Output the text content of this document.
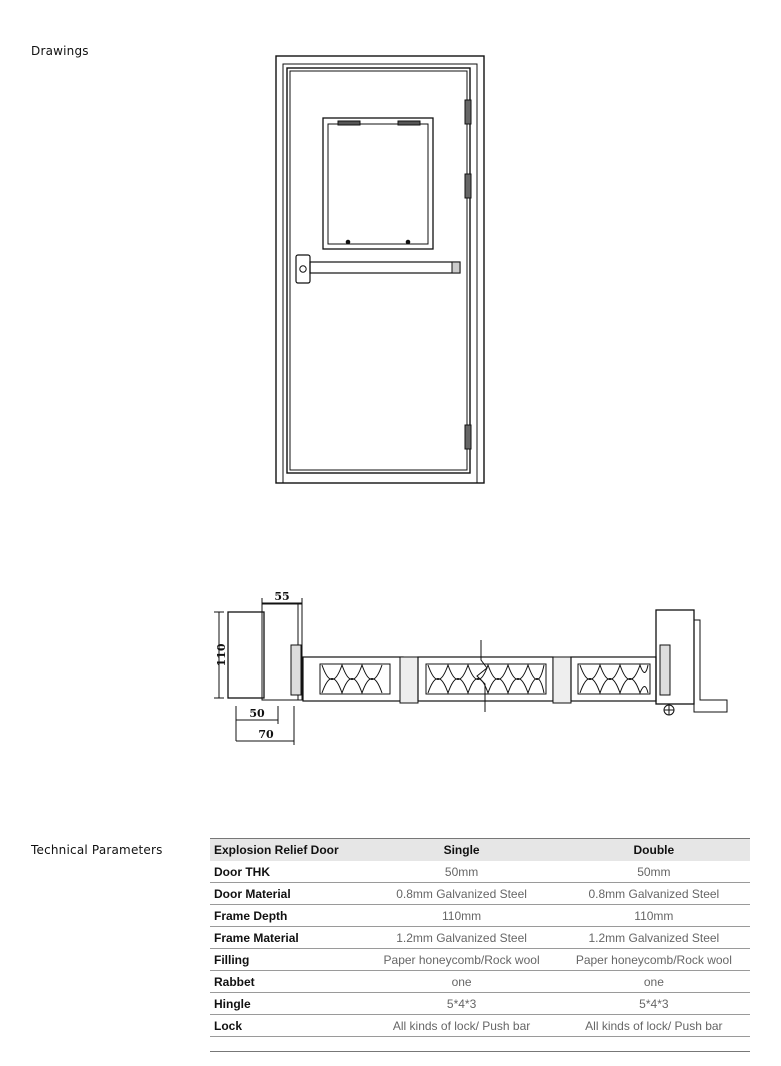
Drawings
55
110
50
70
Technical Parameters	Explosion Relief Door	Single	Double
Door THK	50mm	50mm
Door Material	0.8mm Galvanized Steel	0.8mm Galvanized Steel
Frame Depth	110mm	110mm
Frame Material	1.2mm Galvanized Steel	1.2mm Galvanized Steel
Filling	Paper honeycomb/Rock wool	Paper honeycomb/Rock wool
Rabbet	one	one
Hingle	5*4*3	5*4*3
Lock	All kinds of lock/ Push bar	All kinds of lock/ Push bar
